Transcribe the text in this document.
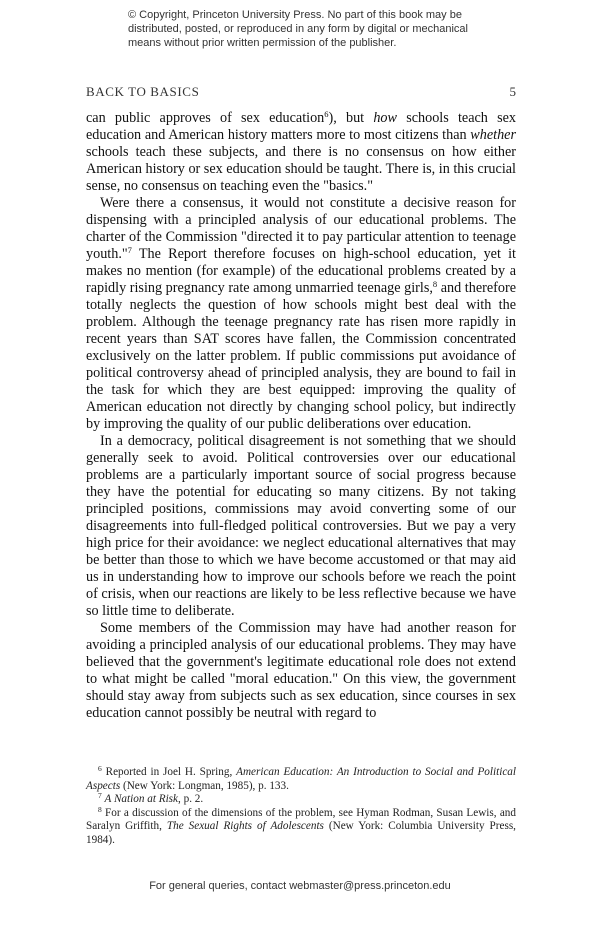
© Copyright, Princeton University Press. No part of this book may be
distributed, posted, or reproduced in any form by digital or mechanical
means without prior written permission of the publisher.
BACK TO BASICS	5

can public approves of sex education$^6$), but how schools teach sex education and American history matters more to most citizens than whether schools teach these subjects, and there is no consensus on how either American history or sex education should be taught. There is, in this crucial sense, no consensus on teaching even the "basics."

Were there a consensus, it would not constitute a decisive reason for dispensing with a principled analysis of our educational problems. The charter of the Commission "directed it to pay particular attention to teenage youth."$^7$ The Report therefore focuses on high-school education, yet it makes no mention (for example) of the educational problems created by a rapidly rising pregnancy rate among unmarried teenage girls,$^8$ and therefore totally neglects the question of how schools might best deal with the problem. Although the teenage pregnancy rate has risen more rapidly in recent years than SAT scores have fallen, the Commission concentrated exclusively on the latter problem. If public commissions put avoidance of political controversy ahead of principled analysis, they are bound to fail in the task for which they are best equipped: improving the quality of American education not directly by changing school policy, but indirectly by improving the quality of our public deliberations over education.

In a democracy, political disagreement is not something that we should generally seek to avoid. Political controversies over our educational problems are a particularly important source of social progress because they have the potential for educating so many citizens. By not taking principled positions, commissions may avoid converting some of our disagreements into full-fledged political controversies. But we pay a very high price for their avoidance: we neglect educational alternatives that may be better than those to which we have become accustomed or that may aid us in understanding how to improve our schools before we reach the point of crisis, when our reactions are likely to be less reflective because we have so little time to deliberate.

Some members of the Commission may have had another reason for avoiding a principled analysis of our educational problems. They may have believed that the government's legitimate educational role does not extend to what might be called "moral education." On this view, the government should stay away from subjects such as sex education, since courses in sex education cannot possibly be neutral with regard to

$^6$ Reported in Joel H. Spring, American Education: An Introduction to Social and Political Aspects (New York: Longman, 1985), p. 133.

$^7$ A Nation at Risk, p. 2.

$^8$ For a discussion of the dimensions of the problem, see Hyman Rodman, Susan Lewis, and Saralyn Griffith, The Sexual Rights of Adolescents (New York: Columbia University Press, 1984).

For general queries, contact webmaster@press.princeton.edu
